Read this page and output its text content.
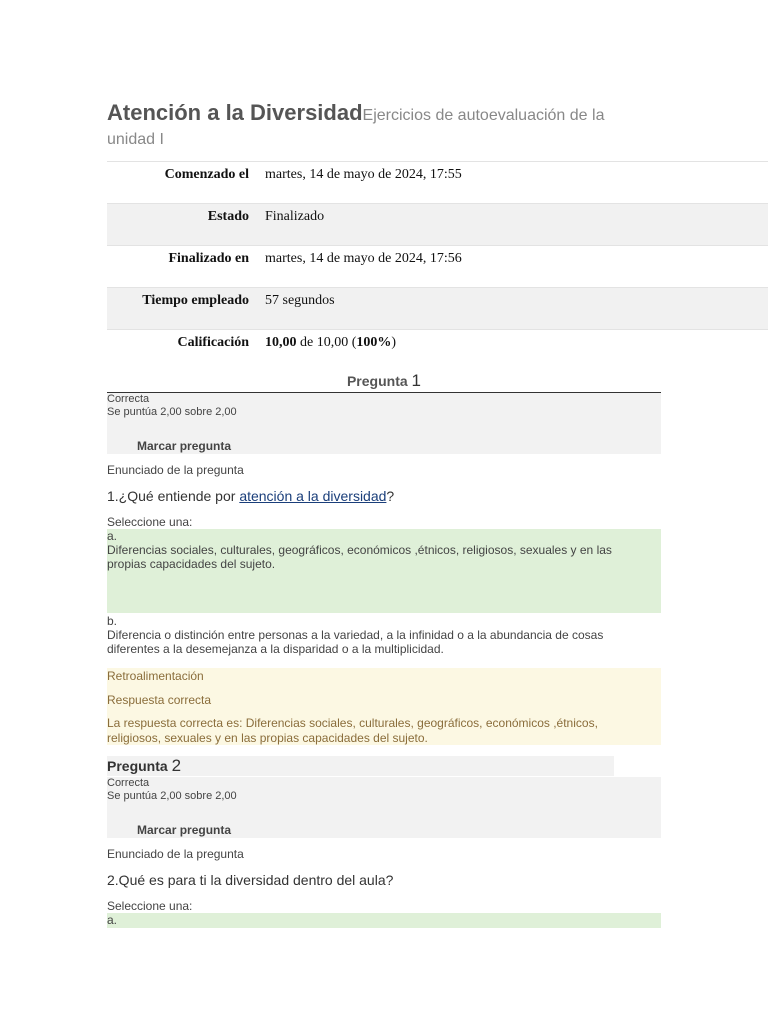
Atención a la DiversidadEjercicios de autoevaluación de la
unidad I
Comenzado el	martes, 14 de mayo de 2024, 17:55
Estado	Finalizado
Finalizado en	martes, 14 de mayo de 2024, 17:56
Tiempo empleado	57 segundos
Calificación	10,00 de 10,00 (100%)
Pregunta 1
Correcta
Se puntúa 2,00 sobre 2,00
Marcar pregunta
Enunciado de la pregunta
1.¿Qué entiende por atención a la diversidad?
Seleccione una:
a.
Diferencias sociales, culturales, geográficos, económicos ,étnicos, religiosos, sexuales y en las
propias capacidades del sujeto.
b.
Diferencia o distinción entre personas a la variedad, a la infinidad o a la abundancia de cosas
diferentes a la desemejanza a la disparidad o a la multiplicidad.
Retroalimentación
Respuesta correcta
La respuesta correcta es: Diferencias sociales, culturales, geográficos, económicos ,étnicos,
religiosos, sexuales y en las propias capacidades del sujeto.
Pregunta 2
Correcta
Se puntúa 2,00 sobre 2,00
Marcar pregunta
Enunciado de la pregunta
2.Qué es para ti la diversidad dentro del aula?
Seleccione una:
a.
